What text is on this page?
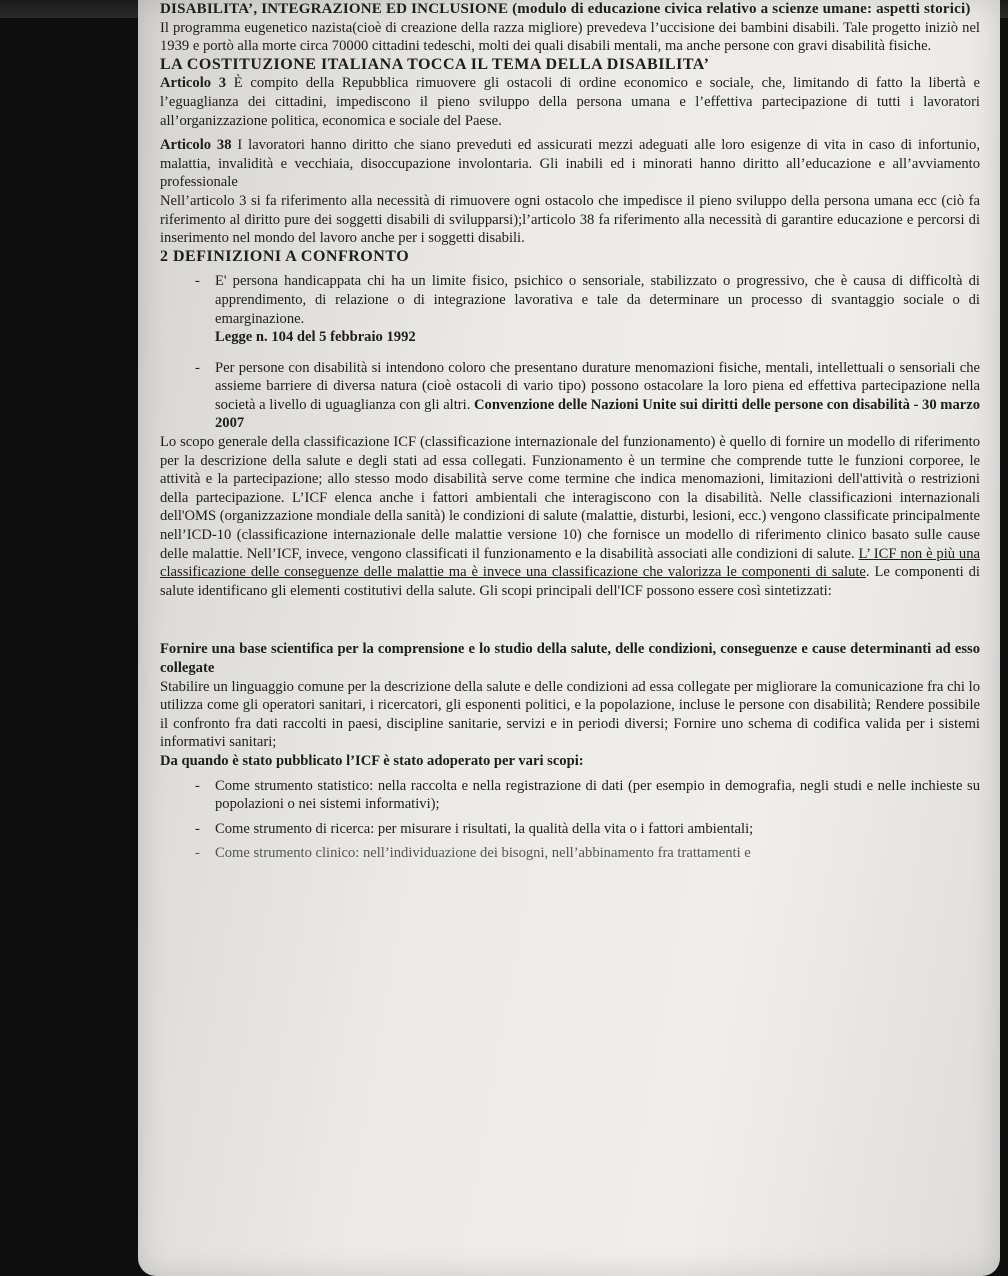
DISABILITA’, INTEGRAZIONE ED INCLUSIONE (modulo di educazione civica relativo a scienze umane: aspetti storici)

Il programma eugenetico nazista(cioè di creazione della razza migliore) prevedeva l’uccisione dei bambini disabili. Tale progetto iniziò nel 1939 e portò alla morte circa 70000 cittadini tedeschi, molti dei quali disabili mentali, ma anche persone con gravi disabilità fisiche.

LA COSTITUZIONE ITALIANA TOCCA IL TEMA DELLA DISABILITA’

Articolo 3 È compito della Repubblica rimuovere gli ostacoli di ordine economico e sociale, che, limitando di fatto la libertà e l’eguaglianza dei cittadini, impediscono il pieno sviluppo della persona umana e l’effettiva partecipazione di tutti i lavoratori all’organizzazione politica, economica e sociale del Paese.

Articolo 38 I lavoratori hanno diritto che siano preveduti ed assicurati mezzi adeguati alle loro esigenze di vita in caso di infortunio, malattia, invalidità e vecchiaia, disoccupazione involontaria. Gli inabili ed i minorati hanno diritto all’educazione e all’avviamento professionale

Nell’articolo 3 si fa riferimento alla necessità di rimuovere ogni ostacolo che impedisce il pieno sviluppo della persona umana ecc (ciò fa riferimento al diritto pure dei soggetti disabili di svilupparsi);l’articolo 38 fa riferimento alla necessità di garantire educazione e percorsi di inserimento nel mondo del lavoro anche per i soggetti disabili.

2 DEFINIZIONI A CONFRONTO

- E' persona handicappata chi ha un limite fisico, psichico o sensoriale, stabilizzato o progressivo, che è causa di difficoltà di apprendimento, di relazione o di integrazione lavorativa e tale da determinare un processo di svantaggio sociale o di emarginazione.
Legge n. 104 del 5 febbraio 1992

- Per persone con disabilità si intendono coloro che presentano durature menomazioni fisiche, mentali, intellettuali o sensoriali che assieme barriere di diversa natura (cioè ostacoli di vario tipo) possono ostacolare la loro piena ed effettiva partecipazione nella società a livello di uguaglianza con gli altri. Convenzione delle Nazioni Unite sui diritti delle persone con disabilità - 30 marzo 2007

Lo scopo generale della classificazione ICF (classificazione internazionale del funzionamento) è quello di fornire un modello di riferimento per la descrizione della salute e degli stati ad essa collegati. Funzionamento è un termine che comprende tutte le funzioni corporee, le attività e la partecipazione; allo stesso modo disabilità serve come termine che indica menomazioni, limitazioni dell'attività o restrizioni della partecipazione. L’ICF elenca anche i fattori ambientali che interagiscono con la disabilità. Nelle classificazioni internazionali dell'OMS (organizzazione mondiale della sanità) le condizioni di salute (malattie, disturbi, lesioni, ecc.) vengono classificate principalmente nell’ICD-10 (classificazione internazionale delle malattie versione 10) che fornisce un modello di riferimento clinico basato sulle cause delle malattie. Nell’ICF, invece, vengono classificati il funzionamento e la disabilità associati alle condizioni di salute. L’ ICF non è più una classificazione delle conseguenze delle malattie ma è invece una classificazione che valorizza le componenti di salute. Le componenti di salute identificano gli elementi costitutivi della salute. Gli scopi principali dell'ICF possono essere così sintetizzati:

Fornire una base scientifica per la comprensione e lo studio della salute, delle condizioni, conseguenze e cause determinanti ad esso collegate

Stabilire un linguaggio comune per la descrizione della salute e delle condizioni ad essa collegate per migliorare la comunicazione fra chi lo utilizza come gli operatori sanitari, i ricercatori, gli esponenti politici, e la popolazione, incluse le persone con disabilità; Rendere possibile il confronto fra dati raccolti in paesi, discipline sanitarie, servizi e in periodi diversi; Fornire uno schema di codifica valida per i sistemi informativi sanitari;

Da quando è stato pubblicato l’ICF è stato adoperato per vari scopi:

- Come strumento statistico: nella raccolta e nella registrazione di dati (per esempio in demografia, negli studi e nelle inchieste su popolazioni o nei sistemi informativi);

- Come strumento di ricerca: per misurare i risultati, la qualità della vita o i fattori ambientali;

- Come strumento clinico: nell’individuazione dei bisogni, nell’abbinamento fra trattamenti e
